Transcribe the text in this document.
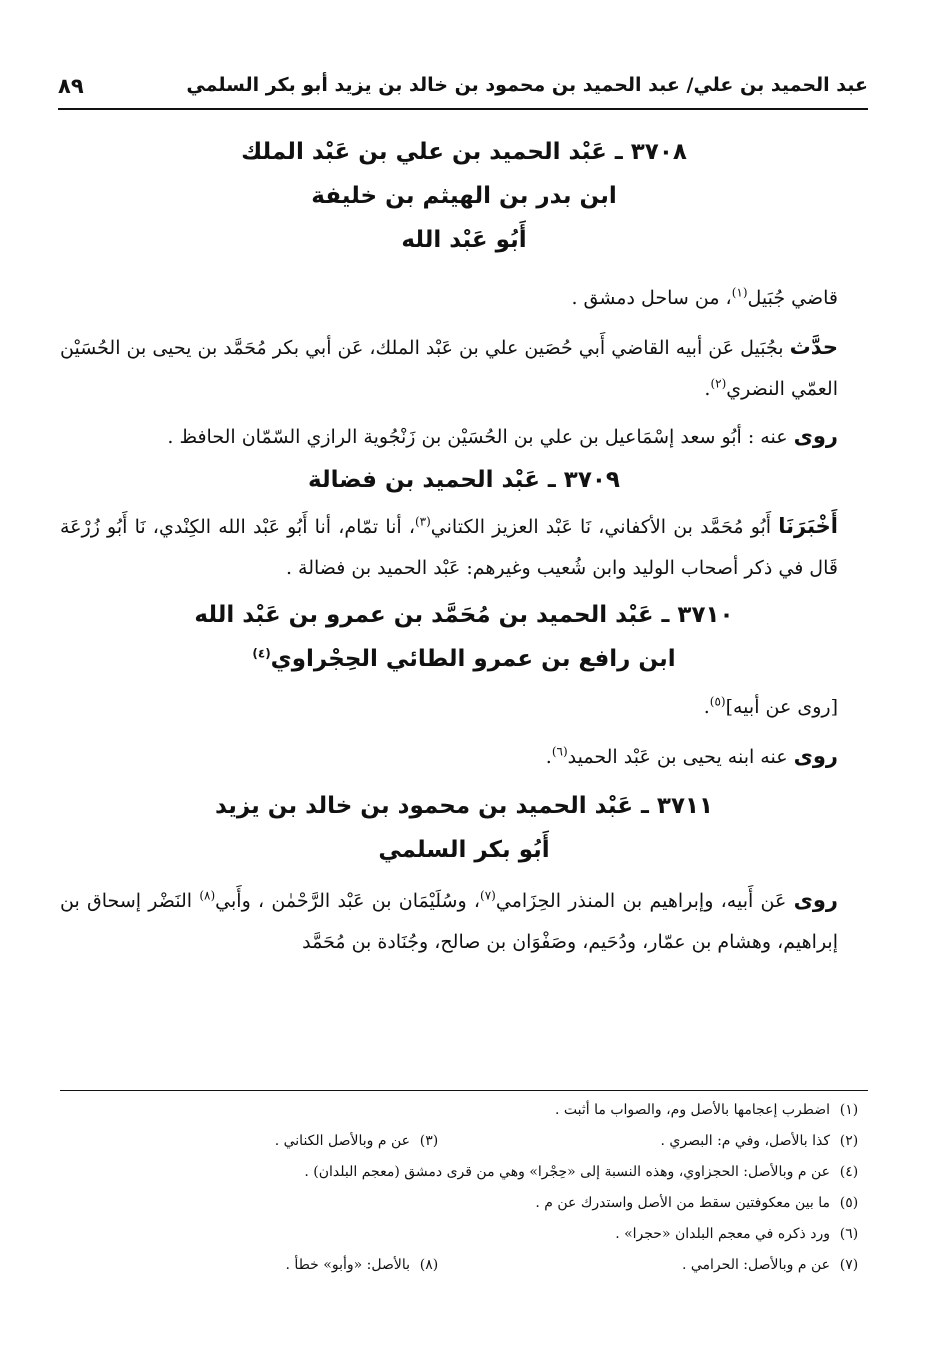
عبد الحميد بن علي/ عبد الحميد بن محمود بن خالد بن يزيد أبو بكر السلمي
٨٩
٣٧٠٨ ـ عَبْد الحميد بن علي بن عَبْد الملك
ابن بدر بن الهيثم بن خليفة
أَبُو عَبْد الله

قاضي جُبَيل$^{(١)}$، من ساحل دمشق .

حدَّث بجُبَيل عَن أبيه القاضي أَبي حُصَين علي بن عَبْد الملك، عَن أبي بكر مُحَمَّد بن يحيى بن الحُسَيْن العمّي النضري$^{(٢)}$.

روى عنه : أبُو سعد إسْمَاعيل بن علي بن الحُسَيْن بن زَنْجُوية الرازي السّمّان الحافظ .

٣٧٠٩ ـ عَبْد الحميد بن فضالة

أَخْبَرَنَا أَبُو مُحَمَّد بن الأكفاني، نَا عَبْد العزيز الكتاني$^{(٣)}$، أنا تمّام، أنا أَبُو عَبْد الله الكِنْدي، نَا أَبُو زُرْعَة قَال في ذكر أصحاب الوليد وابن شُعيب وغيرهم: عَبْد الحميد بن فضالة .

٣٧١٠ ـ عَبْد الحميد بن مُحَمَّد بن عمرو بن عَبْد الله
ابن رافع بن عمرو الطائي الحِجْراوي$^{(٤)}$

[روى عن أبيه]$^{(٥)}$.

روى عنه ابنه يحيى بن عَبْد الحميد$^{(٦)}$.

٣٧١١ ـ عَبْد الحميد بن محمود بن خالد بن يزيد
أَبُو بكر السلمي

روى عَن أَبيه، وإبراهيم بن المنذر الحِزَامي$^{(٧)}$، وسُلَيْمَان بن عَبْد الرَّحْمٰن ، وأَبي$^{(٨)}$ النَضْر إسحاق بن إبراهيم، وهشام بن عمّار، ودُحَيم، وصَفْوَان بن صالح، وجُنَادة بن مُحَمَّد

(١)
اضطرب إعجامها بالأصل وم، والصواب ما أثبت .
(٢)
كذا بالأصل، وفي م: البصري .
(٣)
عن م وبالأصل الكناني .
(٤)
عن م وبالأصل: الحجزاوي، وهذه النسبة إلى «حِجْرا» وهي من قرى دمشق (معجم البلدان) .
(٥)
ما بين معكوفتين سقط من الأصل واستدرك عن م .
(٦)
ورد ذكره في معجم البلدان «حجرا» .
(٧)
عن م وبالأصل: الحرامي .
(٨)
بالأصل: «وأبو» خطأ .
